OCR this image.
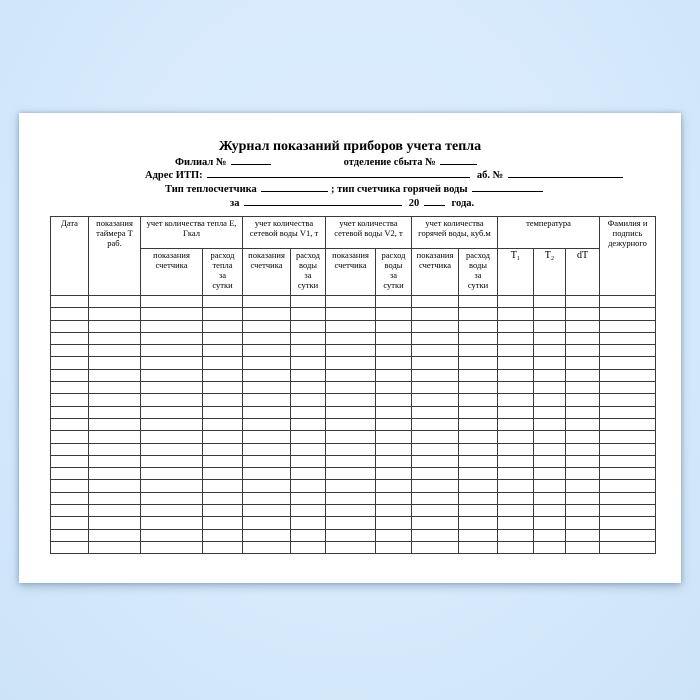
Журнал показаний приборов учета тепла
Филиал №	отделение сбыта №
Адрес ИТП:	аб. №
Тип теплосчетчика	; тип счетчика горячей воды
за	20	года.
Дата	показания таймера Т раб.	учет количества тепла Е, Гкал		учет количества сетевой воды V1, т		учет количества сетевой воды V2, т		учет количества горячей воды, куб.м		температура			Фамилия и подпись дежурного
		показания счетчика	расход тепла за сутки	показания счетчика	расход воды за сутки	показания счетчика	расход воды за сутки	показания счетчика	расход воды за сутки	Т₁	Т₂	dT	
